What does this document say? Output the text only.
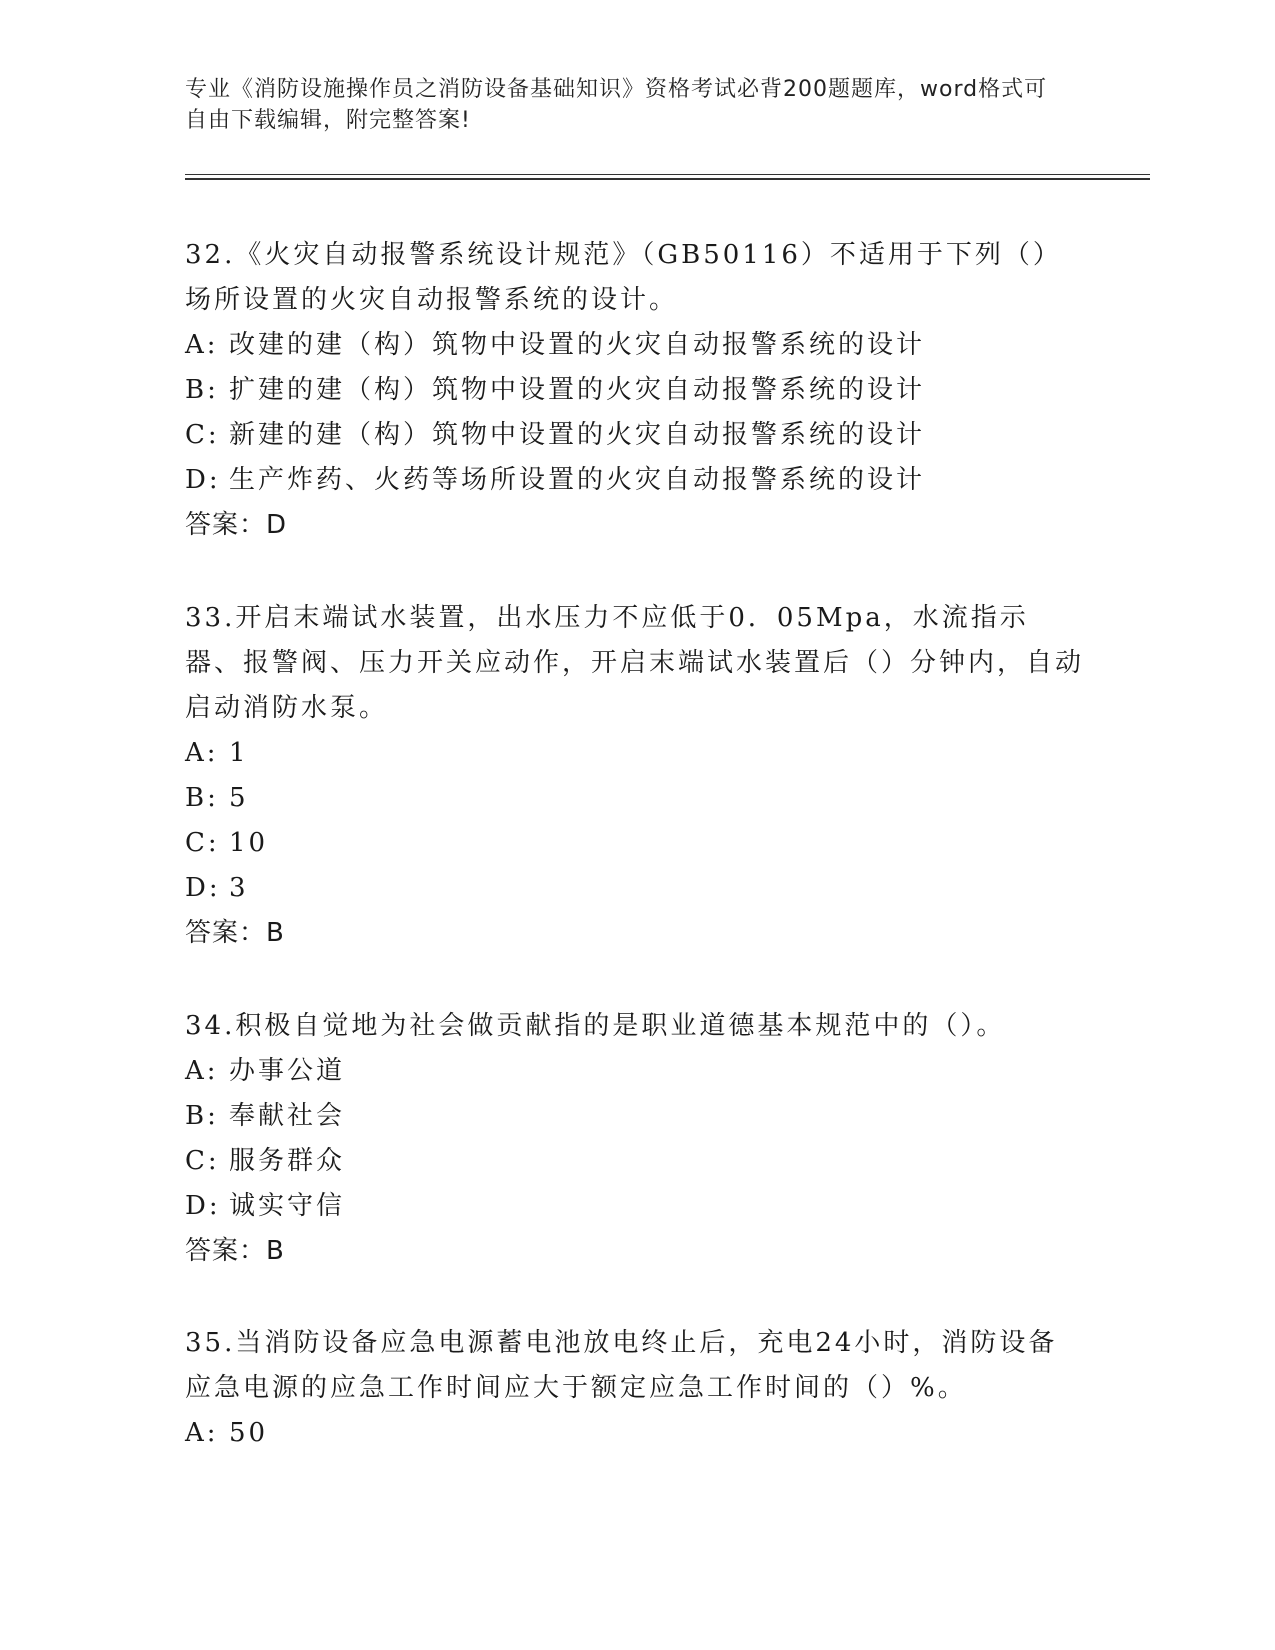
专业《消防设施操作员之消防设备基础知识》资格考试必背200题题库，word格式可自由下载编辑，附完整答案!

32.《火灾自动报警系统设计规范》（GB50116）不适用于下列（）场所设置的火灾自动报警系统的设计。

A: 改建的建（构）筑物中设置的火灾自动报警系统的设计

B: 扩建的建（构）筑物中设置的火灾自动报警系统的设计

C: 新建的建（构）筑物中设置的火灾自动报警系统的设计

D: 生产炸药、火药等场所设置的火灾自动报警系统的设计

答案：D

33.开启末端试水装置，出水压力不应低于0．05Mpa，水流指示器、报警阀、压力开关应动作，开启末端试水装置后（）分钟内，自动启动消防水泵。

A: 1

B: 5

C: 10

D: 3

答案：B

34.积极自觉地为社会做贡献指的是职业道德基本规范中的（）。

A: 办事公道

B: 奉献社会

C: 服务群众

D: 诚实守信

答案：B

35.当消防设备应急电源蓄电池放电终止后，充电24小时，消防设备应急电源的应急工作时间应大于额定应急工作时间的（）%。

A: 50
